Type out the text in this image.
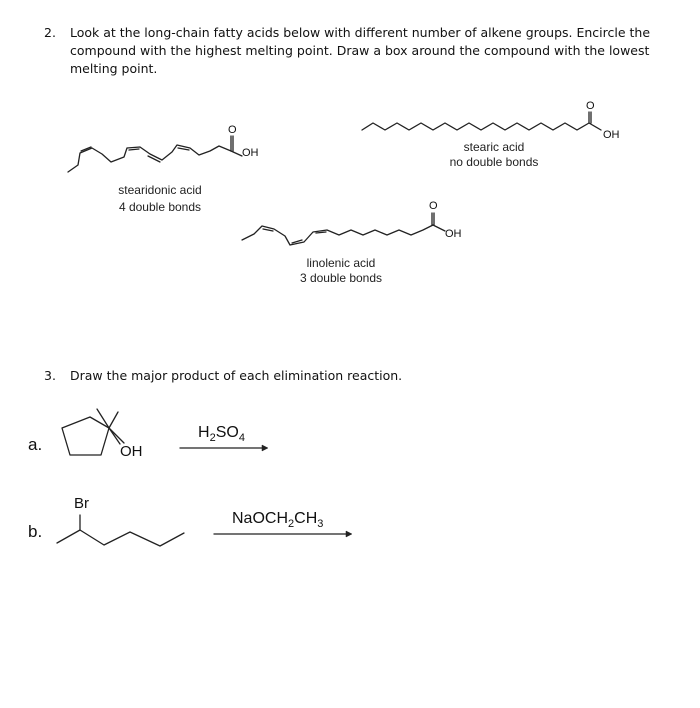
2. Look at the long-chain fatty acids below with different number of alkene groups. Encircle the
compound with the highest melting point. Draw a box around the compound with the lowest
melting point.
O
OH
stearidonic acid
4 double bonds
O
OH
stearic acid
no double bonds
O
OH
linolenic acid
3 double bonds
3. Draw the major product of each elimination reaction.
a.	OH
$H_2SO_4$
b.
Br
$NaOCH_2CH_3$
